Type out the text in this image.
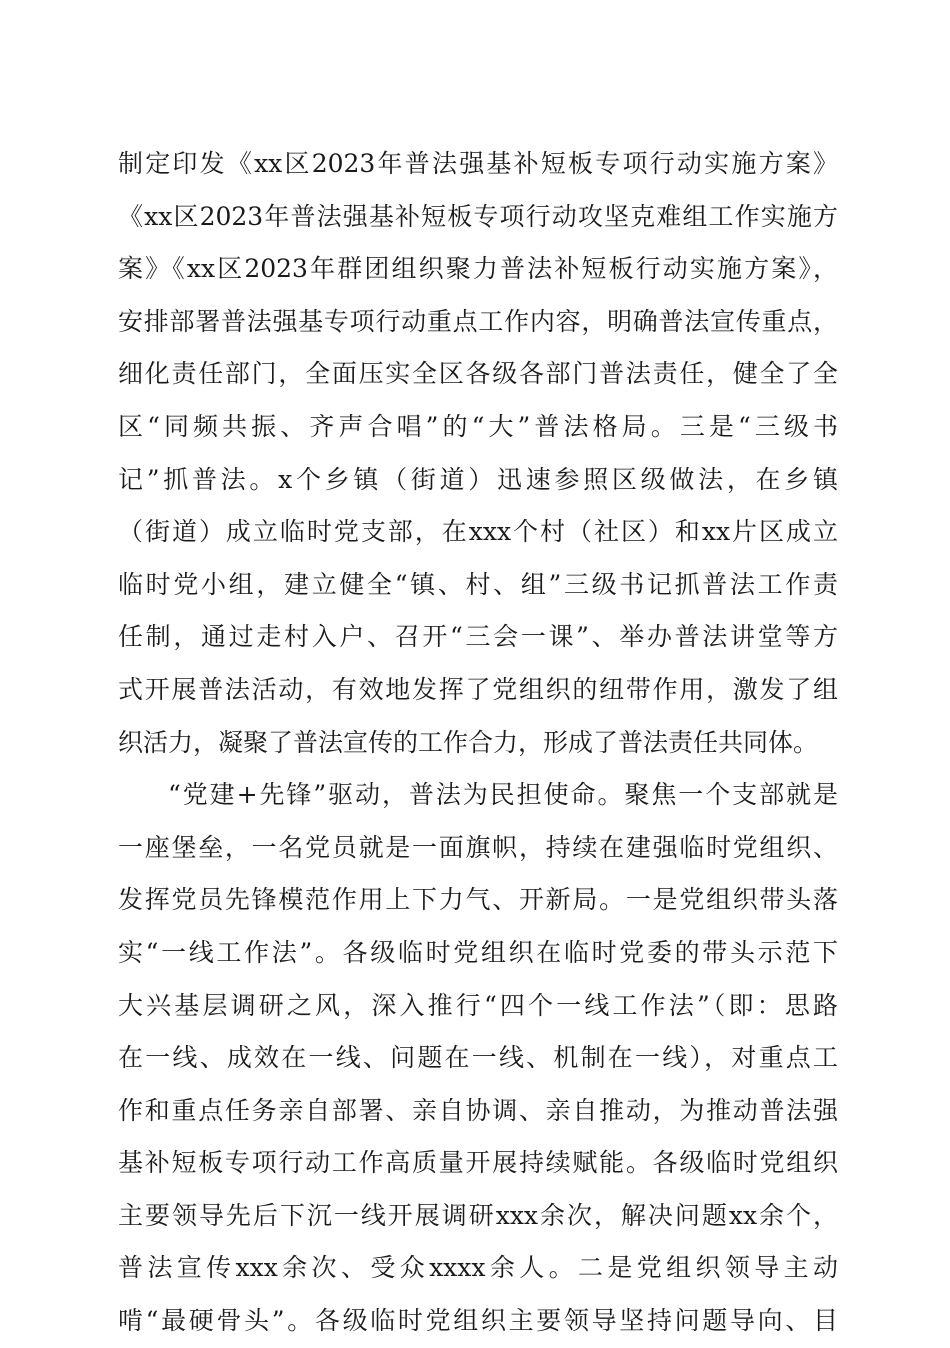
制定印发《xx区2023年普法强基补短板专项行动实施方案》
《xx区2023年普法强基补短板专项行动攻坚克难组工作实施方
案》《xx区2023年群团组织聚力普法补短板行动实施方案》，
安排部署普法强基专项行动重点工作内容，明确普法宣传重点，
细化责任部门，全面压实全区各级各部门普法责任，健全了全
区“同频共振、齐声合唱”的“大”普法格局。三是“三级书
记”抓普法。x个乡镇（街道）迅速参照区级做法，在乡镇
（街道）成立临时党支部，在xxx个村（社区）和xx片区成立
临时党小组，建立健全“镇、村、组”三级书记抓普法工作责
任制，通过走村入户、召开“三会一课”、举办普法讲堂等方
式开展普法活动，有效地发挥了党组织的纽带作用，激发了组
织活力，凝聚了普法宣传的工作合力，形成了普法责任共同体。
“党建+先锋”驱动，普法为民担使命。聚焦一个支部就是
一座堡垒，一名党员就是一面旗帜，持续在建强临时党组织、
发挥党员先锋模范作用上下力气、开新局。一是党组织带头落
实“一线工作法”。各级临时党组织在临时党委的带头示范下
大兴基层调研之风，深入推行“四个一线工作法”（即：思路
在一线、成效在一线、问题在一线、机制在一线），对重点工
作和重点任务亲自部署、亲自协调、亲自推动，为推动普法强
基补短板专项行动工作高质量开展持续赋能。各级临时党组织
主要领导先后下沉一线开展调研xxx余次，解决问题xx余个，
普法宣传xxx余次、受众xxxx余人。二是党组织领导主动
啃“最硬骨头”。各级临时党组织主要领导坚持问题导向、目
